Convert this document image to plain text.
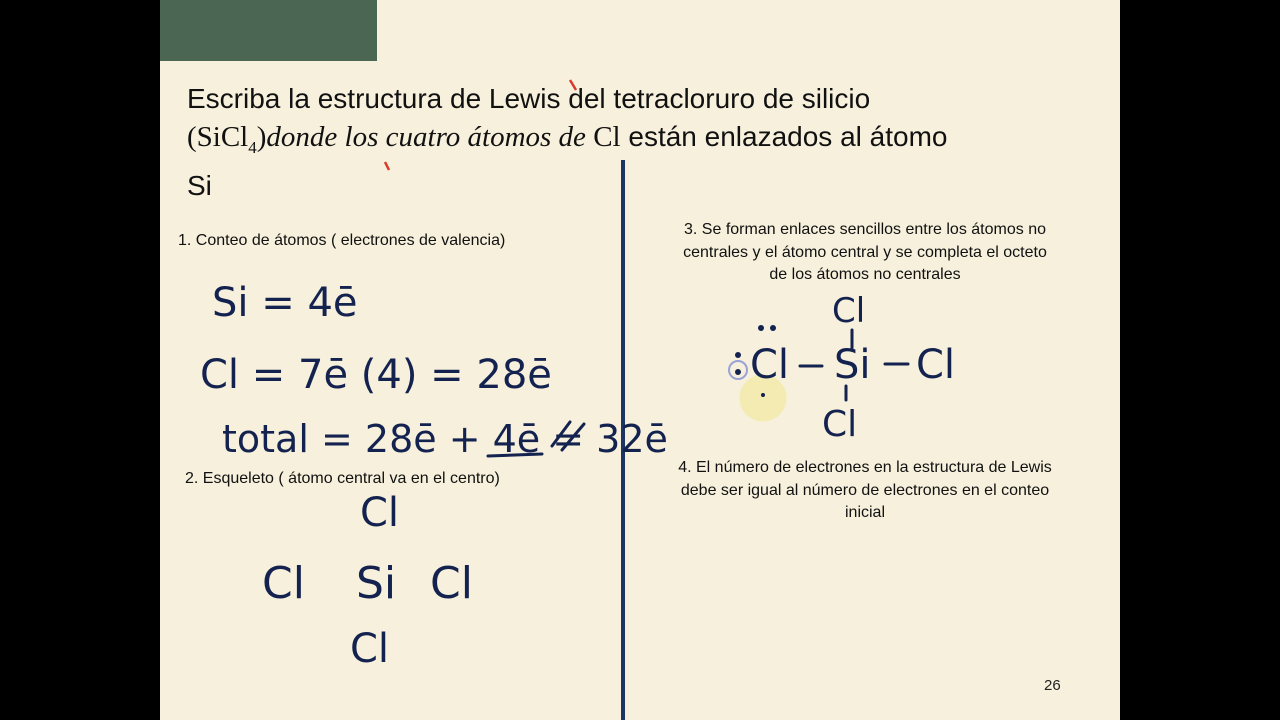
Escriba la estructura de Lewis del tetracloruro de silicio
(SiCl$_4$)donde los cuatro átomos de Cl están enlazados al átomo
Si
1. Conteo de átomos ( electrones de valencia)
2. Esqueleto ( átomo central va en el centro)
3. Se forman enlaces sencillos entre los átomos no
centrales y el átomo central y se completa el octeto
de los átomos no centrales
4. El número de electrones en la estructura de Lewis
debe ser igual al número de electrones en el conteo
inicial
Si = 4ē
Cl = 7ē (4) = 28ē
total = 28ē + 4ē = 32ē
Cl
Cl Si Cl
Cl
Cl
Cl Si Cl
Cl
26
